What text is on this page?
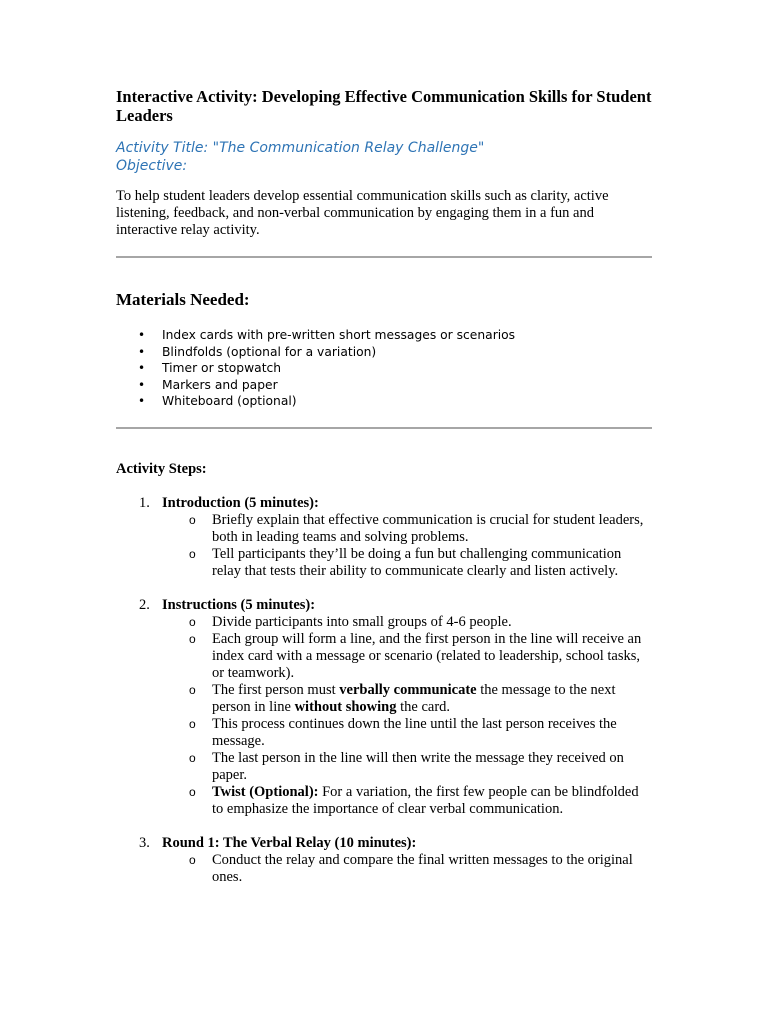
Interactive Activity: Developing Effective Communication Skills for Student Leaders
Activity Title: "The Communication Relay Challenge"
Objective:

To help student leaders develop essential communication skills such as clarity, active listening, feedback, and non-verbal communication by engaging them in a fun and interactive relay activity.

Materials Needed:
• Index cards with pre-written short messages or scenarios
• Blindfolds (optional for a variation)
• Timer or stopwatch
• Markers and paper
• Whiteboard (optional)
Activity Steps:
1. Introduction (5 minutes):
o Briefly explain that effective communication is crucial for student leaders, both in leading teams and solving problems.
o Tell participants they’ll be doing a fun but challenging communication relay that tests their ability to communicate clearly and listen actively.
2. Instructions (5 minutes):
o Divide participants into small groups of 4-6 people.
o Each group will form a line, and the first person in the line will receive an index card with a message or scenario (related to leadership, school tasks, or teamwork).
o The first person must verbally communicate the message to the next person in line without showing the card.
o This process continues down the line until the last person receives the message.
o The last person in the line will then write the message they received on paper.
o Twist (Optional): For a variation, the first few people can be blindfolded to emphasize the importance of clear verbal communication.
3. Round 1: The Verbal Relay (10 minutes):
o Conduct the relay and compare the final written messages to the original ones.
